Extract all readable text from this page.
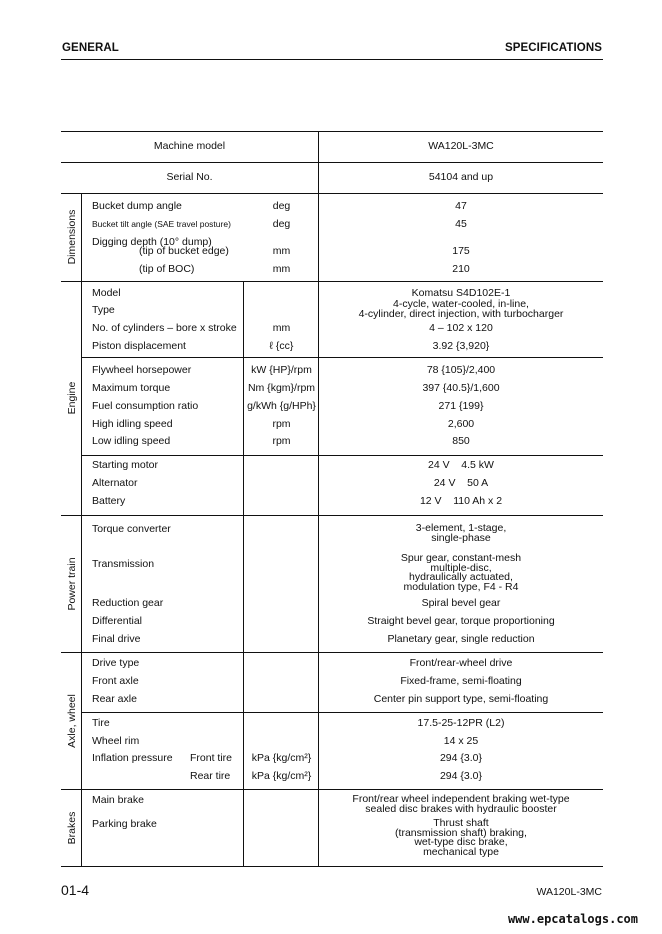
GENERAL	SPECIFICATIONS
Machine model	WA120L-3MC
Serial No.	54104 and up
Dimensions
Engine
Power train
Axle, wheel
Brakes
Bucket dump angle	deg	47
Bucket tilt angle (SAE travel posture)	deg	45
Digging depth (10° dump)
(tip of bucket edge)	mm	175
(tip of BOC)	mm	210
Model	Komatsu S4D102E-1
Type	4-cycle, water-cooled, in-line,
4-cylinder, direct injection, with turbocharger
No. of cylinders – bore x stroke	mm	4 – 102 x 120
Piston displacement	ℓ {cc}	3.92 {3,920}
Flywheel horsepower	kW {HP}/rpm	78 {105}/2,400
Maximum torque	Nm {kgm}/rpm	397 {40.5}/1,600
Fuel consumption ratio	g/kWh {g/HPh}	271 {199}
High idling speed	rpm	2,600
Low idling speed	rpm	850
Starting motor	24 V    4.5 kW
Alternator	24 V    50 A
Battery	12 V    110 Ah x 2
Torque converter	3-element, 1-stage,
single-phase
Transmission	Spur gear, constant-mesh
multiple-disc,
hydraulically actuated,
modulation type, F4 - R4
Reduction gear	Spiral bevel gear
Differential	Straight bevel gear, torque proportioning
Final drive	Planetary gear, single reduction
Drive type	Front/rear-wheel drive
Front axle	Fixed-frame, semi-floating
Rear axle	Center pin support type, semi-floating
Tire	17.5-25-12PR (L2)
Wheel rim	14 x 25
Inflation pressure Front tire	kPa {kg/cm²}	294 {3.0}
Rear tire	kPa {kg/cm²}	294 {3.0}
Main brake	Front/rear wheel independent braking wet-type
sealed disc brakes with hydraulic booster
Parking brake	Thrust shaft
(transmission shaft) braking,
wet-type disc brake,
mechanical type
01-4	WA120L-3MC
www.epcatalogs.com
